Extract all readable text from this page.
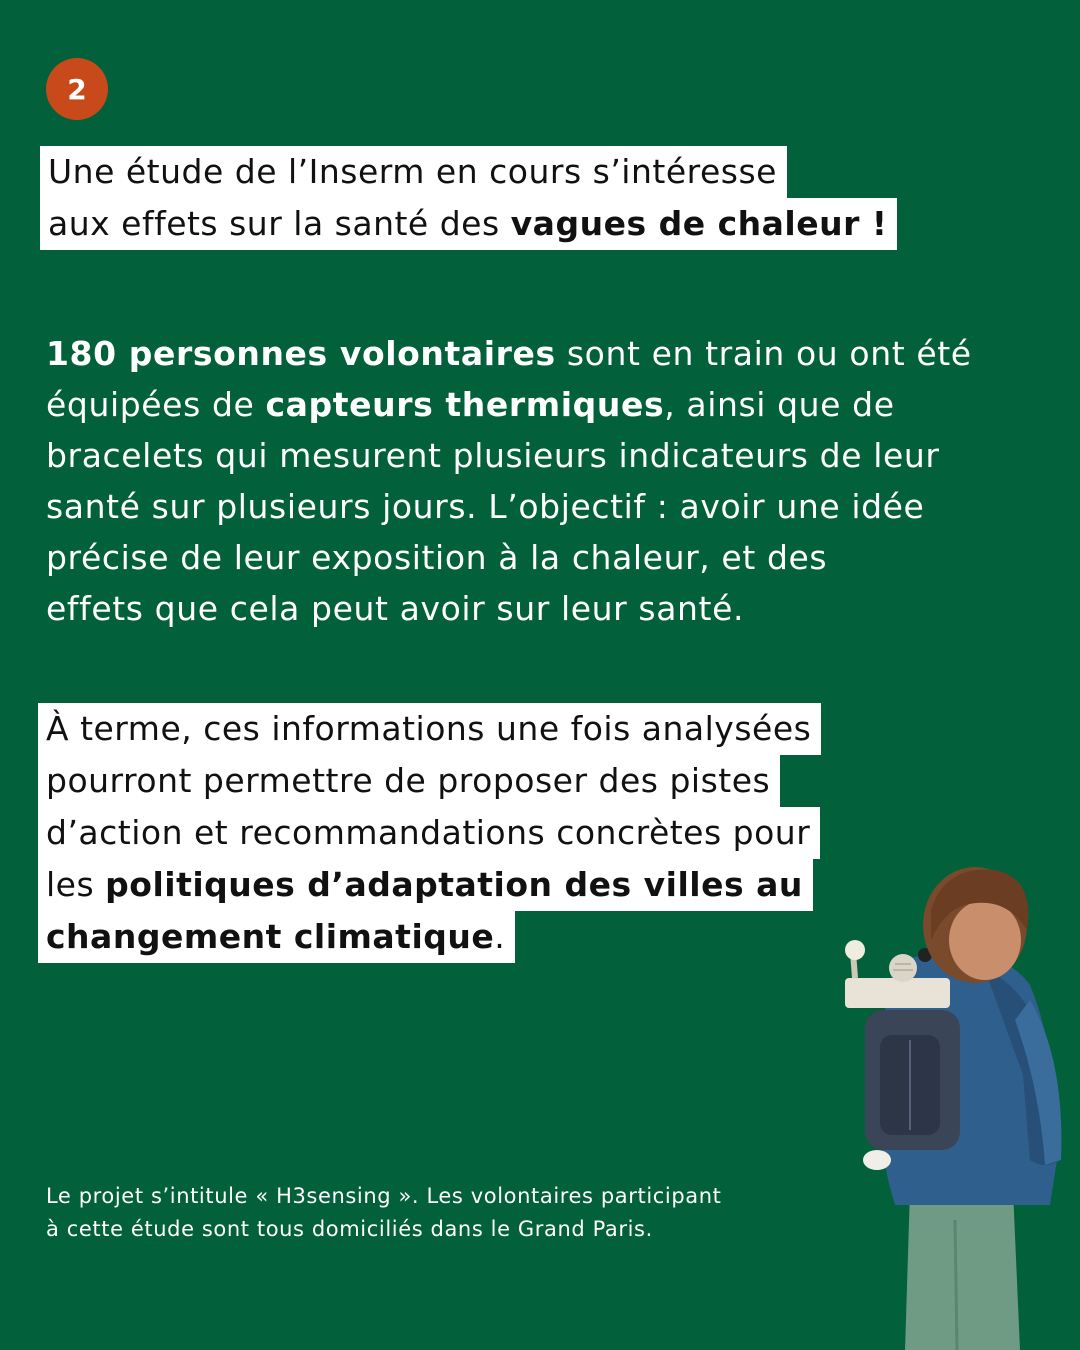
2
Une étude de l’Inserm en cours s’intéresse
aux effets sur la santé des vagues de chaleur !
180 personnes volontaires sont en train ou ont été
équipées de capteurs thermiques, ainsi que de
bracelets qui mesurent plusieurs indicateurs de leur
santé sur plusieurs jours. L’objectif : avoir une idée
précise de leur exposition à la chaleur, et des
effets que cela peut avoir sur leur santé.
À terme, ces informations une fois analysées
pourront permettre de proposer des pistes
d’action et recommandations concrètes pour
les politiques d’adaptation des villes au
changement climatique.
Le projet s’intitule « H3sensing ». Les volontaires participant
à cette étude sont tous domiciliés dans le Grand Paris.
